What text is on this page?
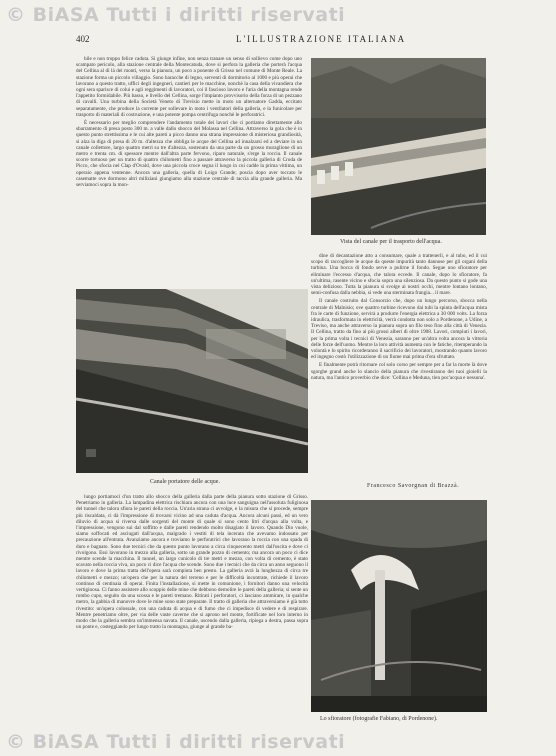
© BiASA Tutti i diritti riservati
402	L'ILLUSTRAZIONE ITALIANA

bile e non troppo felice caduta. Si giunge infine, non senza tranare un senso di sollievo come dopo uno scampato pericolo, alla stazione centrale della Montecatuda, dove si perfora la galleria che porterà l'acqua del Cellina al di là dei monti, verso la pianura, un poco a ponente di Grisso nel comune di Monte Reale. La stazione forma un piccolo villaggio. Sono baracche di legno, serventi di dormitorio al 1000 e più operai che lavorano a questo tratto, uffici degli ingegneri, cantieri per le macchine, nonchè la casa della vivandiera che ogni sera sparisce di colui e agli reggimenti di lavoratori, coi il fascioso lavoro e l'aria della montagna rende l'appetito formidabile. Più basso, e livello del Cellina, sorge l'impianto provvisorio della forza di un pezzano di cavalli. Una turbina della Società Veneto di Trevisio mette in moto un alternatore Gadda, eccitato separatamente, che produce la corrente per sollevare in moto i ventilatori della galleria, e la funicolare per trasporto di materiali di costruzione, e una potente pompa centrifuga nonchè le perforatrici.

È necessario per meglio comprendere l'andamento totale dei lavori che ci portiamo direttamente allo sbarramento di presa posto 300 m. a valle dallo sbocco del Molassa nel Cellina. Attraverso la gola che è in questo punto strettissima e le cui alte pareti a picco danno una strana impressione di misteriosa grandiosità, si alza la diga di presa di 20 m. d'altezza che obbliga le acque del Cellina ad innalzarsi ed a deviare in un canale collettore, largo quattro metri su tre d'altezza, sostenuto da una parte da un grosso muraglione di un metro e trenta cm. di spessore mentre dall'altra parte fervono, riparo naturale, s'erge la roccia. Il canale scorre tortuoso per un tratto di quattro chilometri fino a passare attraverso la piccola galleria di Croda de Picco, che sfocia nel Clap d'Ovald, dove una piccola croce segna il luogo in cui cadde la prima vittima, un operaio appena ventenne. Ancora una galleria, quella di Loigo Grande; poscia dopo aver toccato le casematte ove dormono altri miliziani giungiamo alla stazione centrale di taccia alla grande galleria. Ma serviamoci sopra la mon-

Vista del canale per il trasporto dell'acqua.
Canale portatore delle acque.

dine di decantazione atto a consumare, quale a trattenerli, e al tubo, ed il cui scopo di raccogliere le acque da queste impurità tanto dannose per gli organi della turbina. Una bocca di fondo serve a pulirne il fondo. Segue uno sfioratore per eliminare l'eccesso d'acqua, che talora eccede. Il canale, dopo lo sfioratore, fa un'ultima, rasente vicino e sfocia sopra una silenziosa. Da questo punto si gode una vista delizioso. Tutta la pianura si svolge ai nostri occhi, mentre lontano lontano, semi-confusa dalla nebbia, si vede una sterminata frangia... il mare.

Il canale costruito dal Consorzio che, dopo un lungo percorso, sbocca nella centrale di Malnisio; ove quattro turbine ricevono dai tubi la spinta dell'acqua mista fra le carte di funzione, servirà a produrre l'energia elettrica a 30 000 volts. La forza idraulica, trasformata in elettricità, verrà condotta non solo a Pordenone, a Udine, a Treviso, ma anche attraverso la pianura sopra un filo teso fino alla città di Venezia. Il Cellina, tratto da fino ai più grossi alberi di oltre 1908. Lavori, compiuti i lavori, per la prima volta i tecnici di Venezia, saranno per un'altra volta ancora la vittoria delle forze dell'uomo. Mentre la loro attività aumenta con le fatiche, ritemperando la volontà e lo spirito ricorderanno il sacrificio dei lavoratori, mostrando quanto lavoro ed ingegno costò l'utilizzazione di un fiume mai prima d'ora sfruttato.

E finalmente potrà ritornare col solo corso per sempre per a far la morte là dove sgorghe grand anche lo slancio della pianura che rivestiranno dei tuoi gioielli la natura, ma l'antico proverbio che dice: 'Cellina e Meduna, tien poc'acqua e nessuna'.

Francesco Savorgnan di Brazzà.

lungo portiamoci d'un tratto allo sbocco della galleria dalla parte della pianura sotto stazione di Grisso. Penetriamo in galleria. La lampadina elettrica rischiara ancora con una luce sanguigna nell'assoluta fuliginosa del tunnel che talora sfiora le pareti della roccia. Un'aria strana ci avvolge, e la misura che si procede, sempre più riscaldata, ci dà l'impressione di trovarsi vicino ad una caduta d'acqua. Ancora alcuni passi, ed un vero diluvio di acqua si riversa dalle sorgenti del monte di quale si sono cento litri d'acqua alla volta, e l'impressione, vengono sui dal soffitto e dalle pareti rendendo molto disagiato il lavoro. Quando Dio vuole, siamo soffocati ed asciugati dall'acqua, malgrado i vestiti di tela incerata che avevamo indossato per precauzione all'entrata. Avanziamo ancora e troviamo le perforatrici che lavorano la roccia con una spada di duro e bagnato. Sono due tecnici che da questo punto lavorano a circa cinquecento metri dall'uscita e dove ci rivolgono. Essi lavorano in mezzo alla galleria, sotto un grande pozzo di cemento; ma ancora un poco ci dice mentre scende la macchina. Il tunnel, un largo cunicolo di tre metri e mezzo, con volta di cemento, è stato scavato nella roccia viva, un poco ci dice l'acqua che scende. Sono due i tecnici che da circa un anno seguono il lavoro e dove la prima tratta dell'opera sarà compiuta ben presto. La galleria avrà la lunghezza di circa tre chilometri e mezzo; un'opera che per la natura del terreno e per le difficoltà incontrate, richiede il lavoro continuo di centinaia di operai. Finita l'installazione, si mette in comunione, i fornitori danno una velocità vertiginosa. Ci fanno assistere allo scoppio delle mine che debbono demolire le pareti della galleria; si sente un rombo cupo, seguito da una scossa e le pareti tremano. Ritirati i perforatori, ci lasciano ammirare, in qualche metro, la gabbia di manovre dove le mine sono state preparate. Il tratto di galleria che attraversiamo è già tutto rivestito: un'opera colossale, con una caduta di acqua e di fumo che ci impedisce di vedere e di respirare. Mentre penetriamo oltre, per via delle vaste caverne che si aprono nel monte, fortificate nel loro interno in modo che la galleria sembra un'immensa navata. Il canale, uscendo dalla galleria, ripiega a destra, passa sopra un ponte e, costeggiando per lungo tratto la montagna, giunge al grande ba-

Lo sfioratore (fotografie Fabiano, di Pordenone).
© BiASA Tutti i diritti riservati
